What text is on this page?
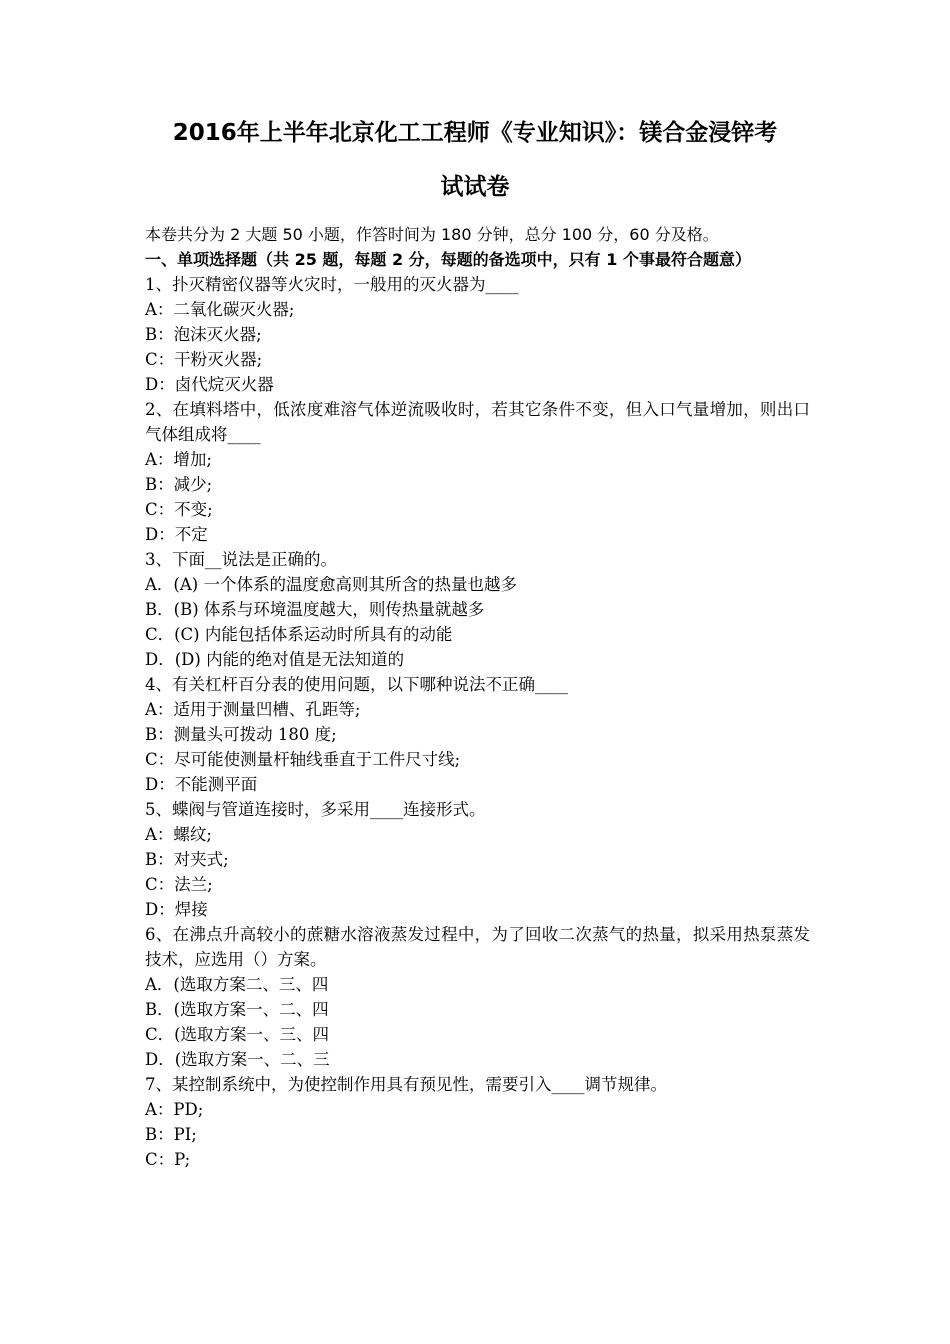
2016年上半年北京化工工程师《专业知识》：镁合金浸锌考
试试卷
本卷共分为 2 大题 50 小题，作答时间为 180 分钟，总分 100 分，60 分及格。
一、单项选择题（共 25 题，每题 2 分，每题的备选项中，只有 1 个事最符合题意）
1、扑灭精密仪器等火灾时，一般用的灭火器为____
A：二氧化碳灭火器;
B：泡沫灭火器;
C：干粉灭火器;
D：卤代烷灭火器
2、在填料塔中，低浓度难溶气体逆流吸收时，若其它条件不变，但入口气量增加，则出口气体组成将____
A：增加;
B：减少;
C：不变;
D：不定
3、下面__说法是正确的。
A．(A) 一个体系的温度愈高则其所含的热量也越多
B．(B) 体系与环境温度越大，则传热量就越多
C．(C) 内能包括体系运动时所具有的动能
D．(D) 内能的绝对值是无法知道的
4、有关杠杆百分表的使用问题，以下哪种说法不正确____
A：适用于测量凹槽、孔距等;
B：测量头可拨动 180 度;
C：尽可能使测量杆轴线垂直于工件尺寸线;
D：不能测平面
5、蝶阀与管道连接时，多采用____连接形式。
A：螺纹;
B：对夹式;
C：法兰;
D：焊接
6、在沸点升高较小的蔗糖水溶液蒸发过程中，为了回收二次蒸气的热量，拟采用热泵蒸发技术，应选用（）方案。
A．(选取方案二、三、四
B．(选取方案一、二、四
C．(选取方案一、三、四
D．(选取方案一、二、三
7、某控制系统中，为使控制作用具有预见性，需要引入____调节规律。
A：PD;
B：PI;
C：P;
